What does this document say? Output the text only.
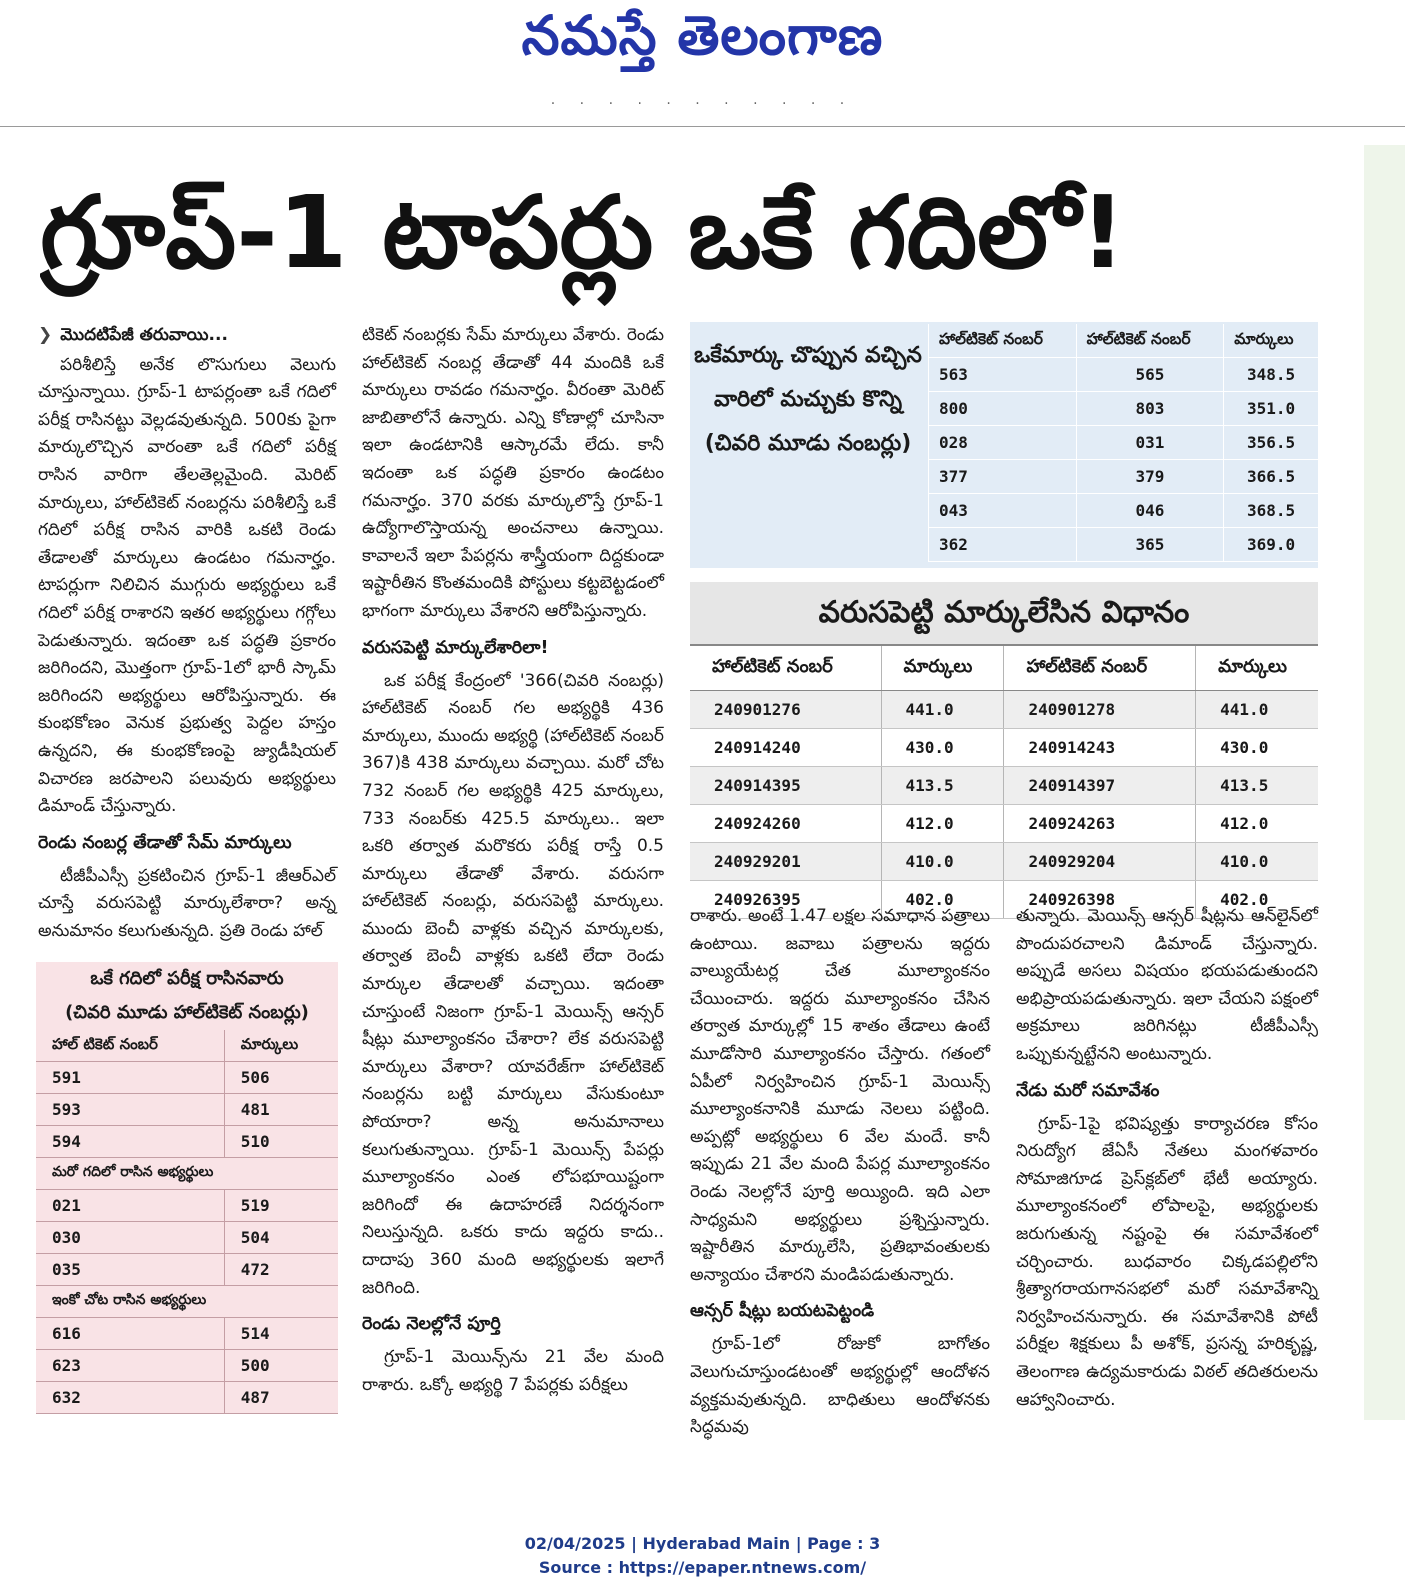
నమస్తే తెలంగాణ
· · · · · · · · · · ·
గ్రూప్-1 టాపర్లు ఒకే గదిలో!
❯ మొదటిపేజీ తరువాయి...

పరిశీలిస్తే అనేక లొసుగులు వెలుగు చూస్తున్నాయి. గ్రూప్-1 టాపర్లంతా ఒకే గదిలో పరీక్ష రాసినట్టు వెల్లడవుతున్నది. 500కు పైగా మార్కులొచ్చిన వారంతా ఒకే గదిలో పరీక్ష రాసిన వారిగా తేలతెల్లమైంది. మెరిట్ మార్కులు, హాల్‌టికెట్ నంబర్లను పరిశీలిస్తే ఒకే గదిలో పరీక్ష రాసిన వారికి ఒకటి రెండు తేడాలతో మార్కులు ఉండటం గమనార్హం. టాపర్లుగా నిలిచిన ముగ్గురు అభ్యర్థులు ఒకే గదిలో పరీక్ష రాశారని ఇతర అభ్యర్థులు గగ్గోలు పెడుతున్నారు. ఇదంతా ఒక పద్ధతి ప్రకారం జరిగిందని, మొత్తంగా గ్రూప్-1లో భారీ స్కామ్ జరిగిందని అభ్యర్థులు ఆరోపిస్తున్నారు. ఈ కుంభకోణం వెనుక ప్రభుత్వ పెద్దల హస్తం ఉన్నదని, ఈ కుంభకోణంపై జ్యుడీషియల్ విచారణ జరపాలని పలువురు అభ్యర్థులు డిమాండ్ చేస్తున్నారు.

రెండు నంబర్ల తేడాతో సేమ్ మార్కులు

టీజీపీఎస్సీ ప్రకటించిన గ్రూప్-1 జీఆర్‌ఎల్ చూస్తే వరుసపెట్టి మార్కులేశారా? అన్న అనుమానం కలుగుతున్నది. ప్రతి రెండు హాల్

ఒకే గదిలో పరీక్ష రాసినవారు
(చివరి మూడు హాల్‌టికెట్ నంబర్లు)
హాల్ టికెట్ నంబర్	మార్కులు
591	506
593	481
594	510
మరో గదిలో రాసిన అభ్యర్థులు	
021	519
030	504
035	472
ఇంకో చోట రాసిన అభ్యర్థులు	
616	514
623	500
632	487

టికెట్ నంబర్లకు సేమ్ మార్కులు వేశారు. రెండు హాల్‌టికెట్ నంబర్ల తేడాతో 44 మందికి ఒకే మార్కులు రావడం గమనార్హం. వీరంతా మెరిట్ జాబితాలోనే ఉన్నారు. ఎన్ని కోణాల్లో చూసినా ఇలా ఉండటానికి ఆస్కారమే లేదు. కానీ ఇదంతా ఒక పద్ధతి ప్రకారం ఉండటం గమనార్హం. 370 వరకు మార్కులొస్తే గ్రూప్-1 ఉద్యోగాలొస్తాయన్న అంచనాలు ఉన్నాయి. కావాలనే ఇలా పేపర్లను శాస్త్రీయంగా దిద్దకుండా ఇష్టారీతిన కొంతమందికి పోస్టులు కట్టబెట్టడంలో భాగంగా మార్కులు వేశారని ఆరోపిస్తున్నారు.

వరుసపెట్టి మార్కులేశారిలా!

ఒక పరీక్ష కేంద్రంలో '366(చివరి నంబర్లు) హాల్‌టికెట్ నంబర్ గల అభ్యర్థికి 436 మార్కులు, ముందు అభ్యర్థి (హాల్‌టికెట్ నంబర్ 367)కి 438 మార్కులు వచ్చాయి. మరో చోట 732 నంబర్ గల అభ్యర్థికి 425 మార్కులు, 733 నంబర్‌కు 425.5 మార్కులు.. ఇలా ఒకరి తర్వాత మరొకరు పరీక్ష రాస్తే 0.5 మార్కులు తేడాతో వేశారు. వరుసగా హాల్‌టికెట్ నంబర్లు, వరుసపెట్టి మార్కులు. ముందు బెంచీ వాళ్లకు వచ్చిన మార్కులకు, తర్వాత బెంచీ వాళ్లకు ఒకటి లేదా రెండు మార్కుల తేడాలతో వచ్చాయి. ఇదంతా చూస్తుంటే నిజంగా గ్రూప్-1 మెయిన్స్ ఆన్సర్ షీట్లు మూల్యాంకనం చేశారా? లేక వరుసపెట్టి మార్కులు వేశారా? యావరేజ్‌గా హాల్‌టికెట్ నంబర్లను బట్టి మార్కులు వేసుకుంటూ పోయారా? అన్న అనుమానాలు కలుగుతున్నాయి. గ్రూప్-1 మెయిన్స్ పేపర్లు మూల్యాంకనం ఎంత లోపభూయిష్టంగా జరిగిందో ఈ ఉదాహరణే నిదర్శనంగా నిలుస్తున్నది. ఒకరు కాదు ఇద్దరు కాదు.. దాదాపు 360 మంది అభ్యర్థులకు ఇలాగే జరిగింది.

రెండు నెలల్లోనే పూర్తి

గ్రూప్-1 మెయిన్స్‌ను 21 వేల మంది రాశారు. ఒక్కో అభ్యర్థి 7 పేపర్లకు పరీక్షలు

ఒకేమార్కు చొప్పున వచ్చిన వారిలో మచ్చుకు కొన్ని (చివరి మూడు నంబర్లు)
హాల్‌టికెట్ నంబర్	హాల్‌టికెట్ నంబర్	మార్కులు
563	565	348.5
800	803	351.0
028	031	356.5
377	379	366.5
043	046	368.5
362	365	369.0
వరుసపెట్టి మార్కులేసిన విధానం
హాల్‌టికెట్ నంబర్	మార్కులు	హాల్‌టికెట్ నంబర్	మార్కులు
240901276	441.0	240901278	441.0
240914240	430.0	240914243	430.0
240914395	413.5	240914397	413.5
240924260	412.0	240924263	412.0
240929201	410.0	240929204	410.0
240926395	402.0	240926398	402.0

రాశారు. అంటే 1.47 లక్షల సమాధాన పత్రాలు ఉంటాయి. జవాబు పత్రాలను ఇద్దరు వాల్యుయేటర్ల చేత మూల్యాంకనం చేయించారు. ఇద్దరు మూల్యాంకనం చేసిన తర్వాత మార్కుల్లో 15 శాతం తేడాలు ఉంటే మూడోసారి మూల్యాంకనం చేస్తారు. గతంలో ఏపీలో నిర్వహించిన గ్రూప్-1 మెయిన్స్ మూల్యాంకనానికి మూడు నెలలు పట్టింది. అప్పట్లో అభ్యర్థులు 6 వేల మందే. కానీ ఇప్పుడు 21 వేల మంది పేపర్ల మూల్యాంకనం రెండు నెలల్లోనే పూర్తి అయ్యింది. ఇది ఎలా సాధ్యమని అభ్యర్థులు ప్రశ్నిస్తున్నారు. ఇష్టారీతిన మార్కులేసి, ప్రతిభావంతులకు అన్యాయం చేశారని మండిపడుతున్నారు.

ఆన్సర్ షీట్లు బయటపెట్టండి

గ్రూప్-1లో రోజుకో బాగోతం వెలుగుచూస్తుండటంతో అభ్యర్థుల్లో ఆందోళన వ్యక్తమవుతున్నది. బాధితులు ఆందోళనకు సిద్ధమవు

తున్నారు. మెయిన్స్ ఆన్సర్ షీట్లను ఆన్‌లైన్‌లో పొందుపరచాలని డిమాండ్ చేస్తున్నారు. అప్పుడే అసలు విషయం భయపడుతుందని అభిప్రాయపడుతున్నారు. ఇలా చేయని పక్షంలో అక్రమాలు జరిగినట్లు టీజీపీఎస్సీ ఒప్పుకున్నట్టేనని అంటున్నారు.

నేడు మరో సమావేశం

గ్రూప్-1పై భవిష్యత్తు కార్యాచరణ కోసం నిరుద్యోగ జేఏసీ నేతలు మంగళవారం సోమాజిగూడ ప్రెస్‌క్లబ్‌లో భేటీ అయ్యారు. మూల్యాంకనంలో లోపాలపై, అభ్యర్థులకు జరుగుతున్న నష్టంపై ఈ సమావేశంలో చర్చించారు. బుధవారం చిక్కడపల్లిలోని శ్రీత్యాగరాయగానసభలో మరో సమావేశాన్ని నిర్వహించనున్నారు. ఈ సమావేశానికి పోటీ పరీక్షల శిక్షకులు పీ అశోక్, ప్రసన్న హరికృష్ణ, తెలంగాణ ఉద్యమకారుడు విఠల్ తదితరులను ఆహ్వానించారు.

02/04/2025 | Hyderabad Main | Page : 3
Source : https://epaper.ntnews.com/
